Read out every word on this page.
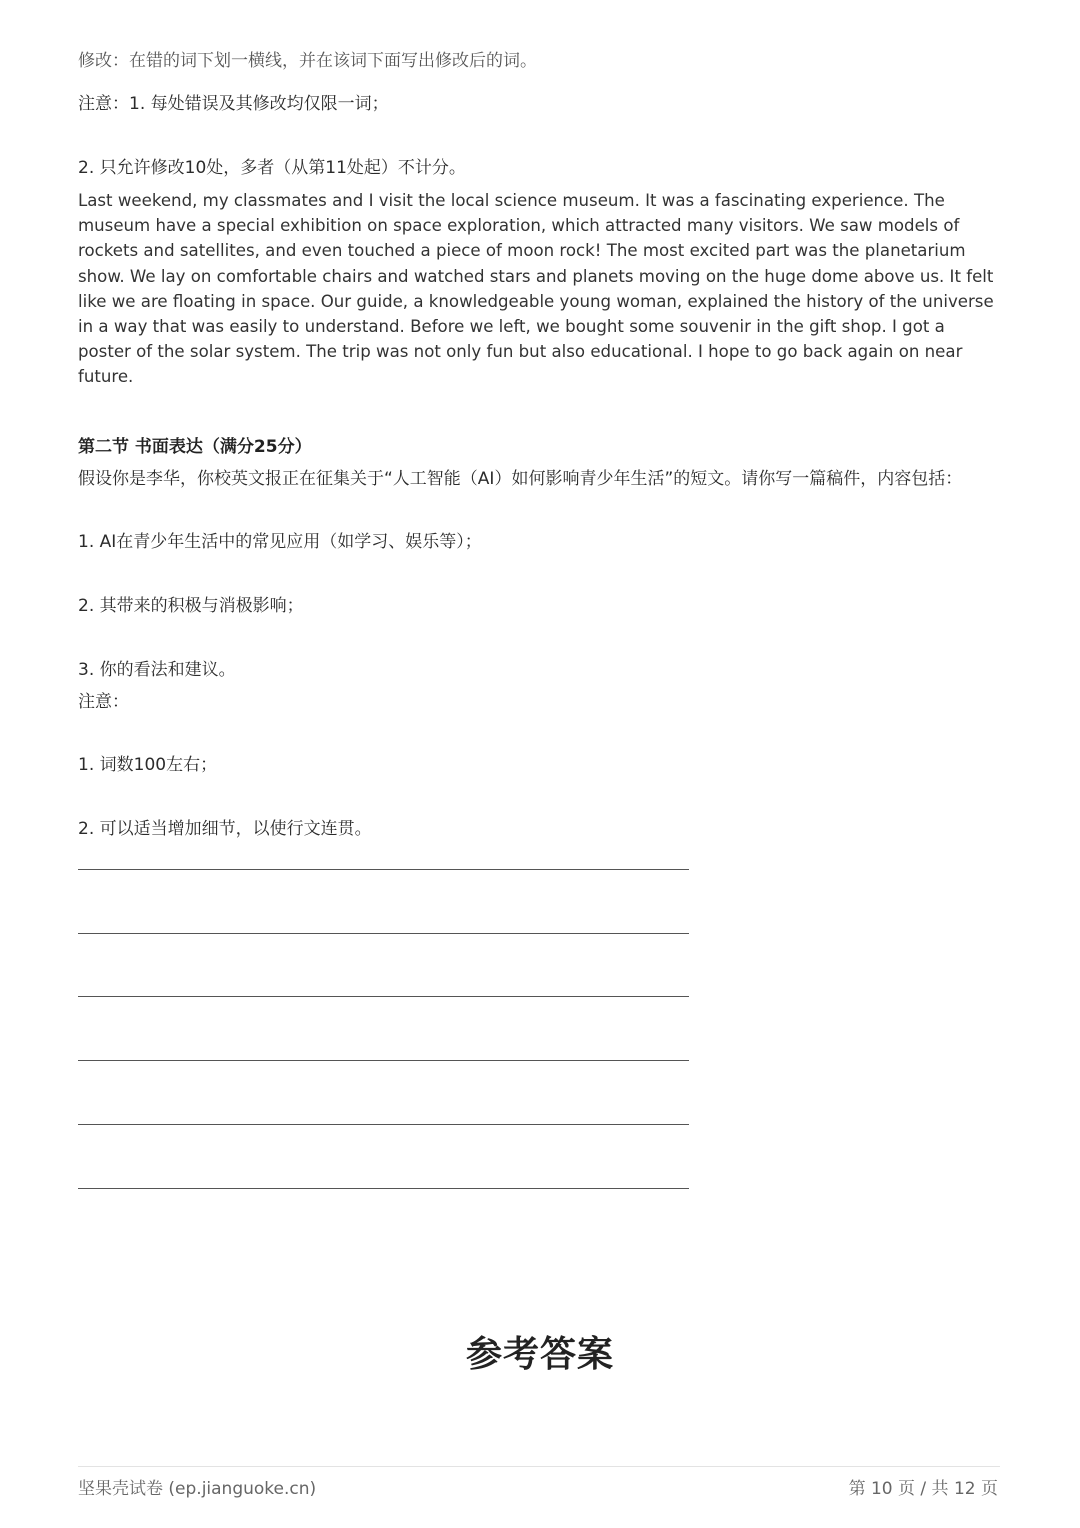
修改：在错的词下划一横线，并在该词下面写出修改后的词。
注意：1. 每处错误及其修改均仅限一词；
2. 只允许修改10处，多者（从第11处起）不计分。
Last weekend, my classmates and I visit the local science museum. It was a fascinating experience. The museum have a special exhibition on space exploration, which attracted many visitors. We saw models of rockets and satellites, and even touched a piece of moon rock! The most excited part was the planetarium show. We lay on comfortable chairs and watched stars and planets moving on the huge dome above us. It felt like we are floating in space. Our guide, a knowledgeable young woman, explained the history of the universe in a way that was easily to understand. Before we left, we bought some souvenir in the gift shop. I got a poster of the solar system. The trip was not only fun but also educational. I hope to go back again on near future.
第二节 书面表达（满分25分）
假设你是李华，你校英文报正在征集关于“人工智能（AI）如何影响青少年生活”的短文。请你写一篇稿件，内容包括：
1. AI在青少年生活中的常见应用（如学习、娱乐等）；
2. 其带来的积极与消极影响；
3. 你的看法和建议。
注意：
1. 词数100左右；
2. 可以适当增加细节，以使行文连贯。
参考答案
坚果壳试卷 (ep.jianguoke.cn)	第 10 页 / 共 12 页
